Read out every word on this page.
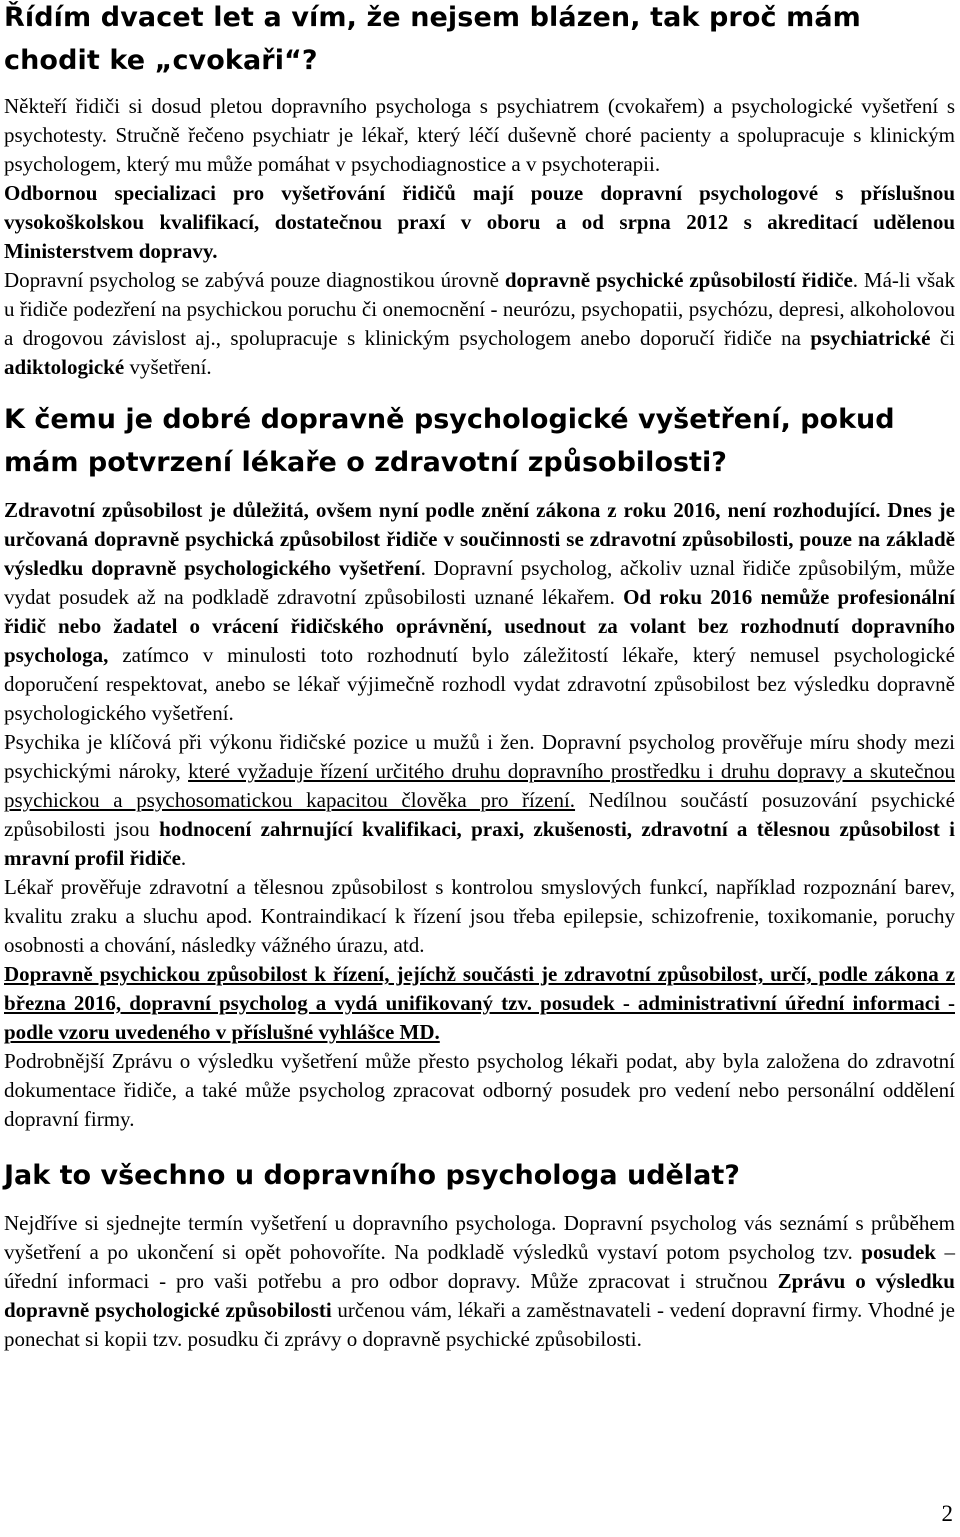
Řídím dvacet let a vím, že nejsem blázen, tak proč mám chodit ke „cvokaři“?

Někteří řidiči si dosud pletou dopravního psychologa s psychiatrem (cvokařem) a psychologické vyšetření s psychotesty. Stručně řečeno psychiatr je lékař, který léčí duševně choré pacienty a spolupracuje s klinickým psychologem, který mu může pomáhat v psychodiagnostice a v psychoterapii.

Odbornou specializaci pro vyšetřování řidičů mají pouze dopravní psychologové s příslušnou vysokoškolskou kvalifikací, dostatečnou praxí v oboru a od srpna 2012 s akreditací udělenou Ministerstvem dopravy.

Dopravní psycholog se zabývá pouze diagnostikou úrovně dopravně psychické způsobilostí řidiče. Má-li však u řidiče podezření na psychickou poruchu či onemocnění - neurózu, psychopatii, psychózu, depresi, alkoholovou a drogovou závislost aj., spolupracuje s klinickým psychologem anebo doporučí řidiče na psychiatrické či adiktologické vyšetření.

K čemu je dobré dopravně psychologické vyšetření, pokud mám potvrzení lékaře o zdravotní způsobilosti?

Zdravotní způsobilost je důležitá, ovšem nyní podle znění zákona z roku 2016, není rozhodující. Dnes je určovaná dopravně psychická způsobilost řidiče v součinnosti se zdravotní způsobilosti, pouze na základě výsledku dopravně psychologického vyšetření. Dopravní psycholog, ačkoliv uznal řidiče způsobilým, může vydat posudek až na podkladě zdravotní způsobilosti uznané lékařem. Od roku 2016 nemůže profesionální řidič nebo žadatel o vrácení řidičského oprávnění, usednout za volant bez rozhodnutí dopravního psychologa, zatímco v minulosti toto rozhodnutí bylo záležitostí lékaře, který nemusel psychologické doporučení respektovat, anebo se lékař výjimečně rozhodl vydat zdravotní způsobilost bez výsledku dopravně psychologického vyšetření.

Psychika je klíčová při výkonu řidičské pozice u mužů i žen. Dopravní psycholog prověřuje míru shody mezi psychickými nároky, které vyžaduje řízení určitého druhu dopravního prostředku i druhu dopravy a skutečnou psychickou a psychosomatickou kapacitou člověka pro řízení. Nedílnou součástí posuzování psychické způsobilosti jsou hodnocení zahrnující kvalifikaci, praxi, zkušenosti, zdravotní a tělesnou způsobilost i mravní profil řidiče.

Lékař prověřuje zdravotní a tělesnou způsobilost s kontrolou smyslových funkcí, například rozpoznání barev, kvalitu zraku a sluchu apod. Kontraindikací k řízení jsou třeba epilepsie, schizofrenie, toxikomanie, poruchy osobnosti a chování, následky vážného úrazu, atd.

Dopravně psychickou způsobilost k řízení, jejíchž součásti je zdravotní způsobilost, určí, podle zákona z března 2016, dopravní psycholog a vydá unifikovaný tzv. posudek - administrativní úřední informaci - podle vzoru uvedeného v příslušné vyhlášce MD.

Podrobnější Zprávu o výsledku vyšetření může přesto psycholog lékaři podat, aby byla založena do zdravotní dokumentace řidiče, a také může psycholog zpracovat odborný posudek pro vedení nebo personální oddělení dopravní firmy.

Jak to všechno u dopravního psychologa udělat?

Nejdříve si sjednejte termín vyšetření u dopravního psychologa. Dopravní psycholog vás seznámí s průběhem vyšetření a po ukončení si opět pohovoříte. Na podkladě výsledků vystaví potom psycholog tzv. posudek – úřední informaci - pro vaši potřebu a pro odbor dopravy. Může zpracovat i stručnou Zprávu o výsledku dopravně psychologické způsobilosti určenou vám, lékaři a zaměstnavateli - vedení dopravní firmy. Vhodné je ponechat si kopii tzv. posudku či zprávy o dopravně psychické způsobilosti.

2
